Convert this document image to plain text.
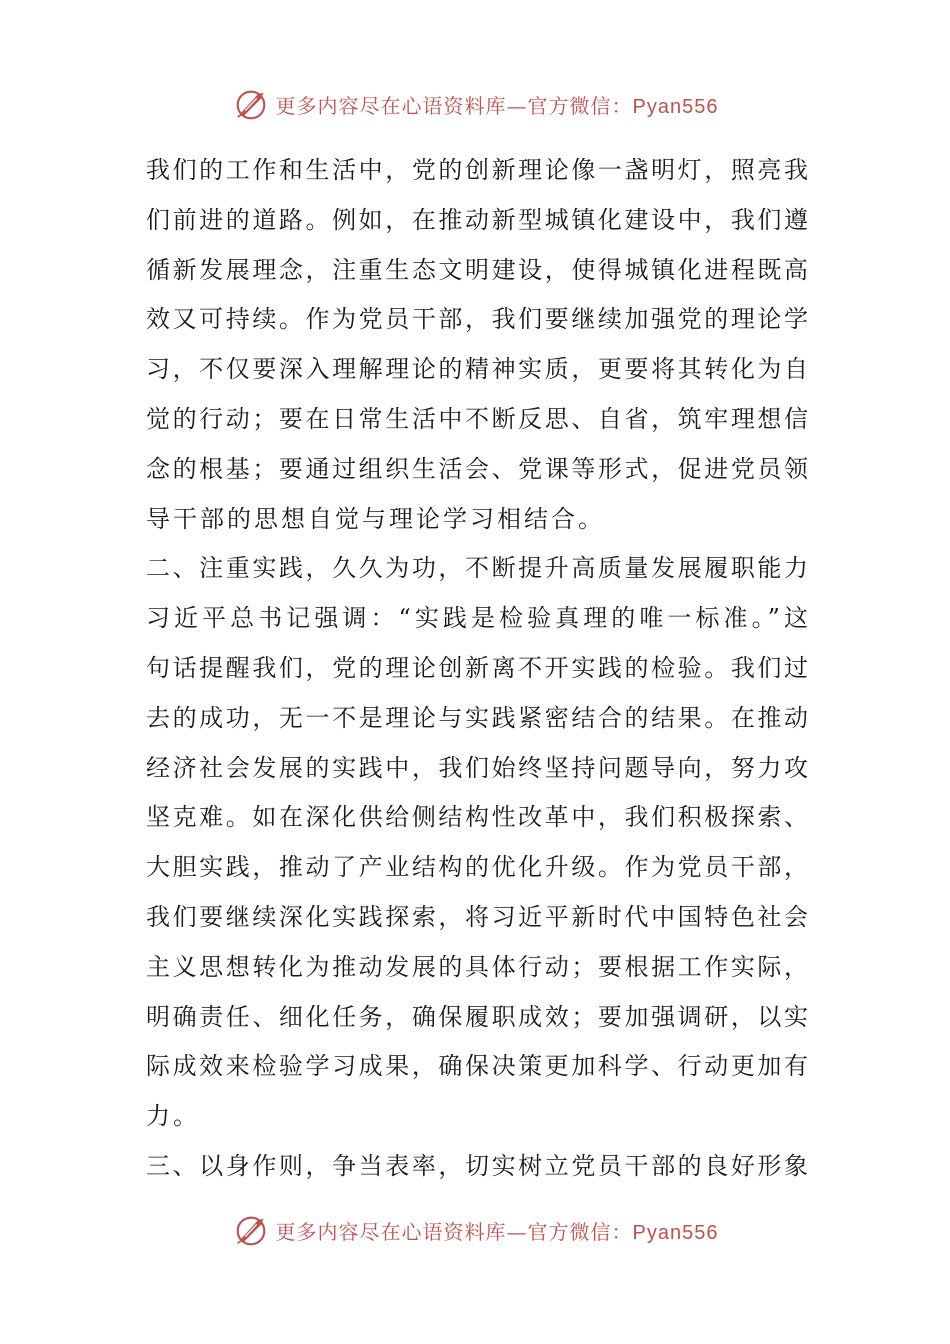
更多内容尽在心语资料库—官方微信：Pyan556
我们的工作和生活中，党的创新理论像一盏明灯，照亮我
们前进的道路。例如，在推动新型城镇化建设中，我们遵
循新发展理念，注重生态文明建设，使得城镇化进程既高
效又可持续。作为党员干部，我们要继续加强党的理论学
习，不仅要深入理解理论的精神实质，更要将其转化为自
觉的行动；要在日常生活中不断反思、自省，筑牢理想信
念的根基；要通过组织生活会、党课等形式，促进党员领
导干部的思想自觉与理论学习相结合。
二、注重实践，久久为功，不断提升高质量发展履职能力
习近平总书记强调：“实践是检验真理的唯一标准。”这
句话提醒我们，党的理论创新离不开实践的检验。我们过
去的成功，无一不是理论与实践紧密结合的结果。在推动
经济社会发展的实践中，我们始终坚持问题导向，努力攻
坚克难。如在深化供给侧结构性改革中，我们积极探索、
大胆实践，推动了产业结构的优化升级。作为党员干部，
我们要继续深化实践探索，将习近平新时代中国特色社会
主义思想转化为推动发展的具体行动；要根据工作实际，
明确责任、细化任务，确保履职成效；要加强调研，以实
际成效来检验学习成果，确保决策更加科学、行动更加有
力。
三、以身作则，争当表率，切实树立党员干部的良好形象
更多内容尽在心语资料库—官方微信：Pyan556
